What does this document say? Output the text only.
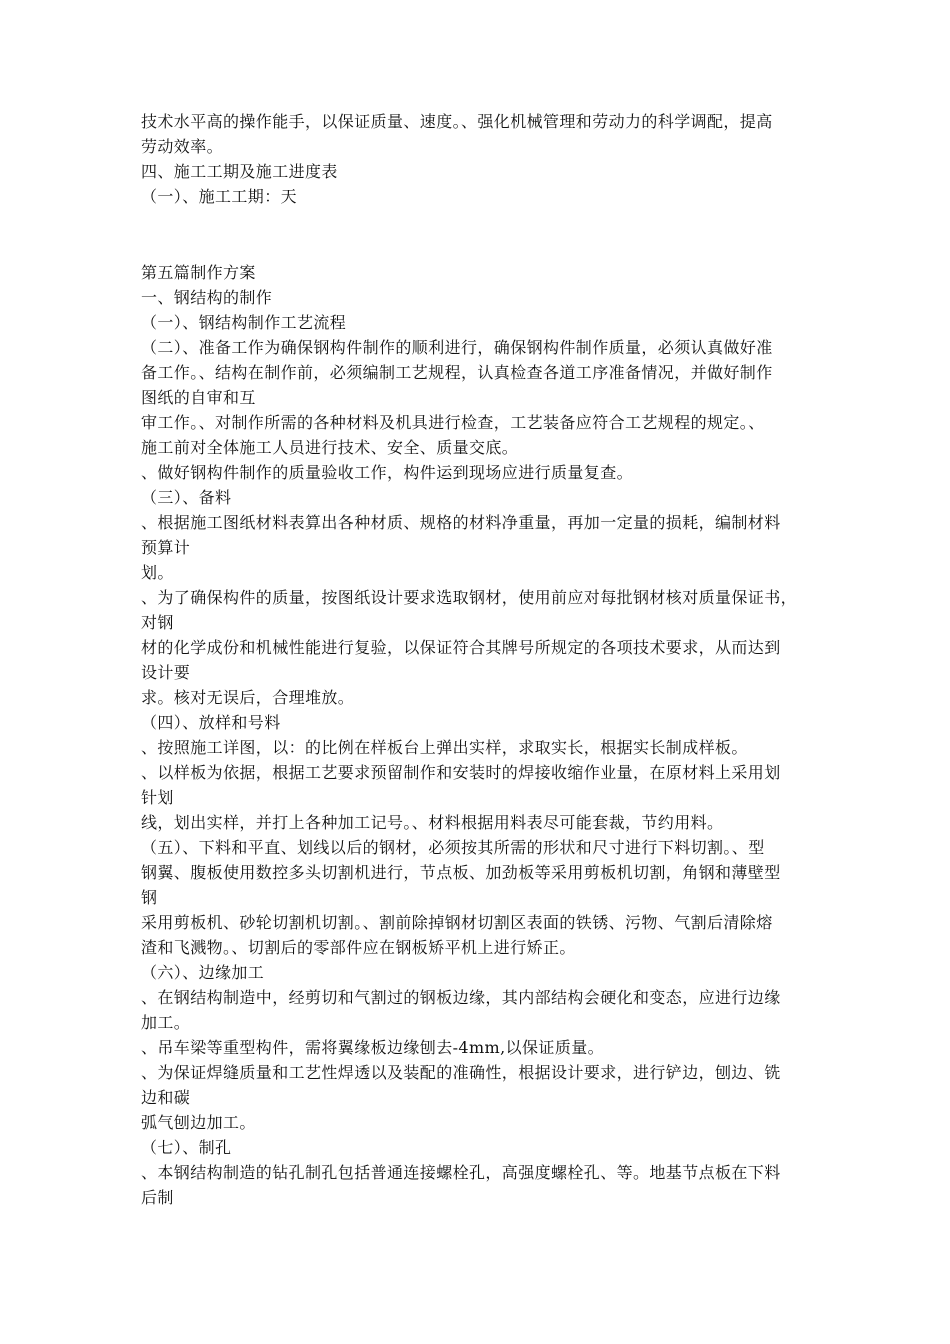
技术水平高的操作能手，以保证质量、速度。、强化机械管理和劳动力的科学调配，提高
劳动效率。
四、施工工期及施工进度表
（一）、施工工期：天
第五篇制作方案
一、钢结构的制作
（一）、钢结构制作工艺流程
（二）、准备工作为确保钢构件制作的顺利进行，确保钢构件制作质量，必须认真做好准
备工作。、结构在制作前，必须编制工艺规程，认真检查各道工序准备情况，并做好制作
图纸的自审和互
审工作。、对制作所需的各种材料及机具进行检查，工艺装备应符合工艺规程的规定。、
施工前对全体施工人员进行技术、安全、质量交底。
、做好钢构件制作的质量验收工作，构件运到现场应进行质量复查。
（三）、备料
、根据施工图纸材料表算出各种材质、规格的材料净重量，再加一定量的损耗，编制材料
预算计
划。
、为了确保构件的质量，按图纸设计要求选取钢材，使用前应对每批钢材核对质量保证书，
对钢
材的化学成份和机械性能进行复验，以保证符合其牌号所规定的各项技术要求，从而达到
设计要
求。核对无误后，合理堆放。
（四）、放样和号料
、按照施工详图，以：的比例在样板台上弹出实样，求取实长，根据实长制成样板。
、以样板为依据，根据工艺要求预留制作和安装时的焊接收缩作业量，在原材料上采用划
针划
线，划出实样，并打上各种加工记号。、材料根据用料表尽可能套裁，节约用料。
（五）、下料和平直、划线以后的钢材，必须按其所需的形状和尺寸进行下料切割。、型
钢翼、腹板使用数控多头切割机进行，节点板、加劲板等采用剪板机切割，角钢和薄壁型
钢
采用剪板机、砂轮切割机切割。、割前除掉钢材切割区表面的铁锈、污物、气割后清除熔
渣和飞溅物。、切割后的零部件应在钢板矫平机上进行矫正。
（六）、边缘加工
、在钢结构制造中，经剪切和气割过的钢板边缘，其内部结构会硬化和变态，应进行边缘
加工。
、吊车梁等重型构件，需将翼缘板边缘刨去-4mm,以保证质量。
、为保证焊缝质量和工艺性焊透以及装配的准确性，根据设计要求，进行铲边，刨边、铣
边和碳
弧气刨边加工。
（七）、制孔
、本钢结构制造的钻孔制孔包括普通连接螺栓孔，高强度螺栓孔、等。地基节点板在下料
后制
